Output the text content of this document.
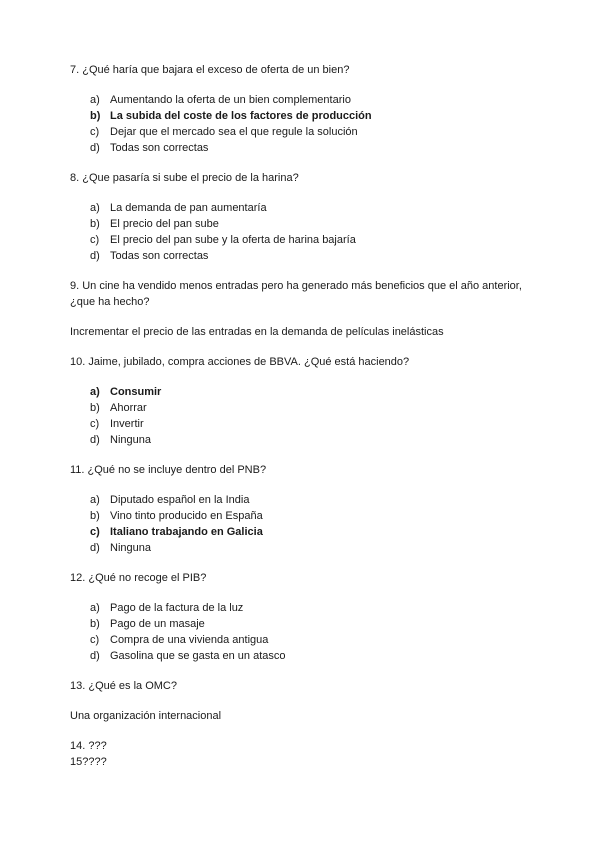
7. ¿Qué haría que bajara el exceso de oferta de un bien?
a) Aumentando la oferta de un bien complementario
b) La subida del coste de los factores de producción
c) Dejar que el mercado sea el que regule la solución
d) Todas son correctas
8. ¿Que pasaría si sube el precio de la harina?
a) La demanda de pan aumentaría
b) El precio del pan sube
c) El precio del pan sube y la oferta de harina bajaría
d) Todas son correctas
9. Un cine ha vendido menos entradas pero ha generado más beneficios que el año anterior, ¿que ha hecho?
Incrementar el precio de las entradas en la demanda de películas inelásticas
10. Jaime, jubilado, compra acciones de BBVA. ¿Qué está haciendo?
a) Consumir
b) Ahorrar
c) Invertir
d) Ninguna
11. ¿Qué no se incluye dentro del PNB?
a) Diputado español en la India
b) Vino tinto producido en España
c) Italiano trabajando en Galicia
d) Ninguna
12. ¿Qué no recoge el PIB?
a) Pago de la factura de la luz
b) Pago de un masaje
c) Compra de una vivienda antigua
d) Gasolina que se gasta en un atasco
13. ¿Qué es la OMC?
Una organización internacional
14. ???
15????
